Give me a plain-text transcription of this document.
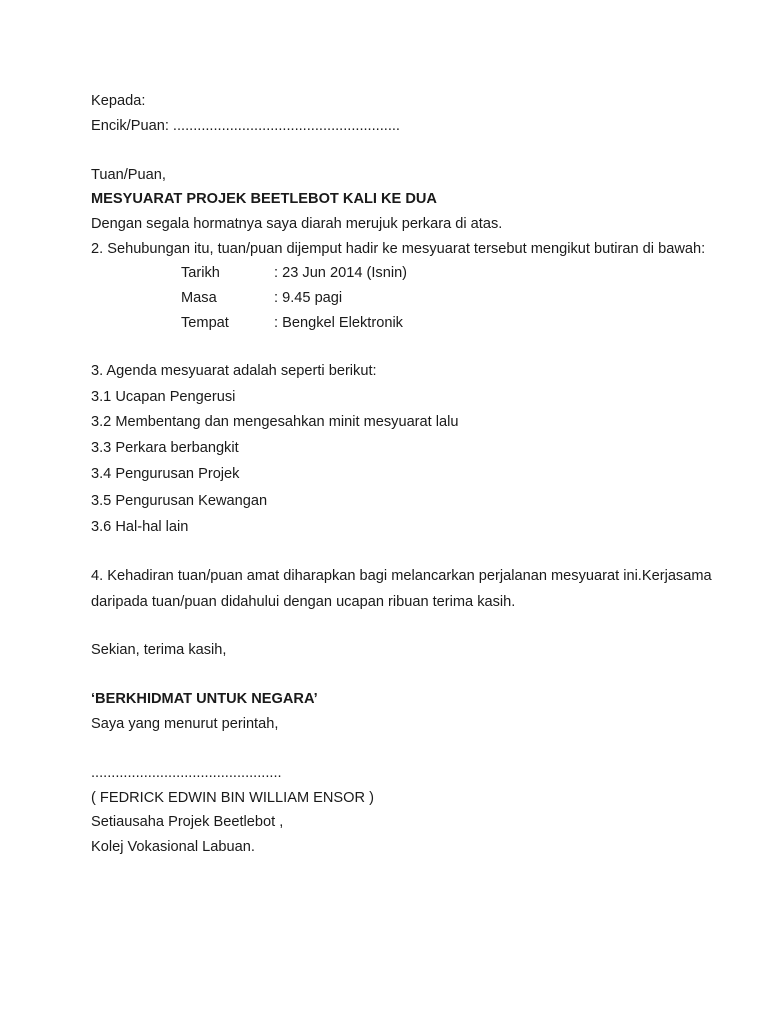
Kepada:
Encik/Puan: ........................................................
Tuan/Puan,
MESYUARAT PROJEK BEETLEBOT KALI KE DUA
Dengan segala hormatnya saya diarah merujuk perkara di atas.
2. Sehubungan itu, tuan/puan dijemput hadir ke mesyuarat tersebut mengikut butiran di bawah:
Tarikh	: 23 Jun 2014 (Isnin)
Masa	: 9.45 pagi
Tempat	: Bengkel Elektronik
3. Agenda mesyuarat adalah seperti berikut:
3.1 Ucapan Pengerusi
3.2 Membentang dan mengesahkan minit mesyuarat lalu
3.3 Perkara berbangkit
3.4 Pengurusan Projek
3.5 Pengurusan Kewangan
3.6 Hal-hal lain
4. Kehadiran tuan/puan amat diharapkan bagi melancarkan perjalanan mesyuarat ini.Kerjasama
daripada tuan/puan didahului dengan ucapan ribuan terima kasih.
Sekian, terima kasih,
‘BERKHIDMAT UNTUK NEGARA’
Saya yang menurut perintah,
...............................................
( FEDRICK EDWIN BIN WILLIAM ENSOR )
Setiausaha Projek Beetlebot ,
Kolej Vokasional Labuan.
